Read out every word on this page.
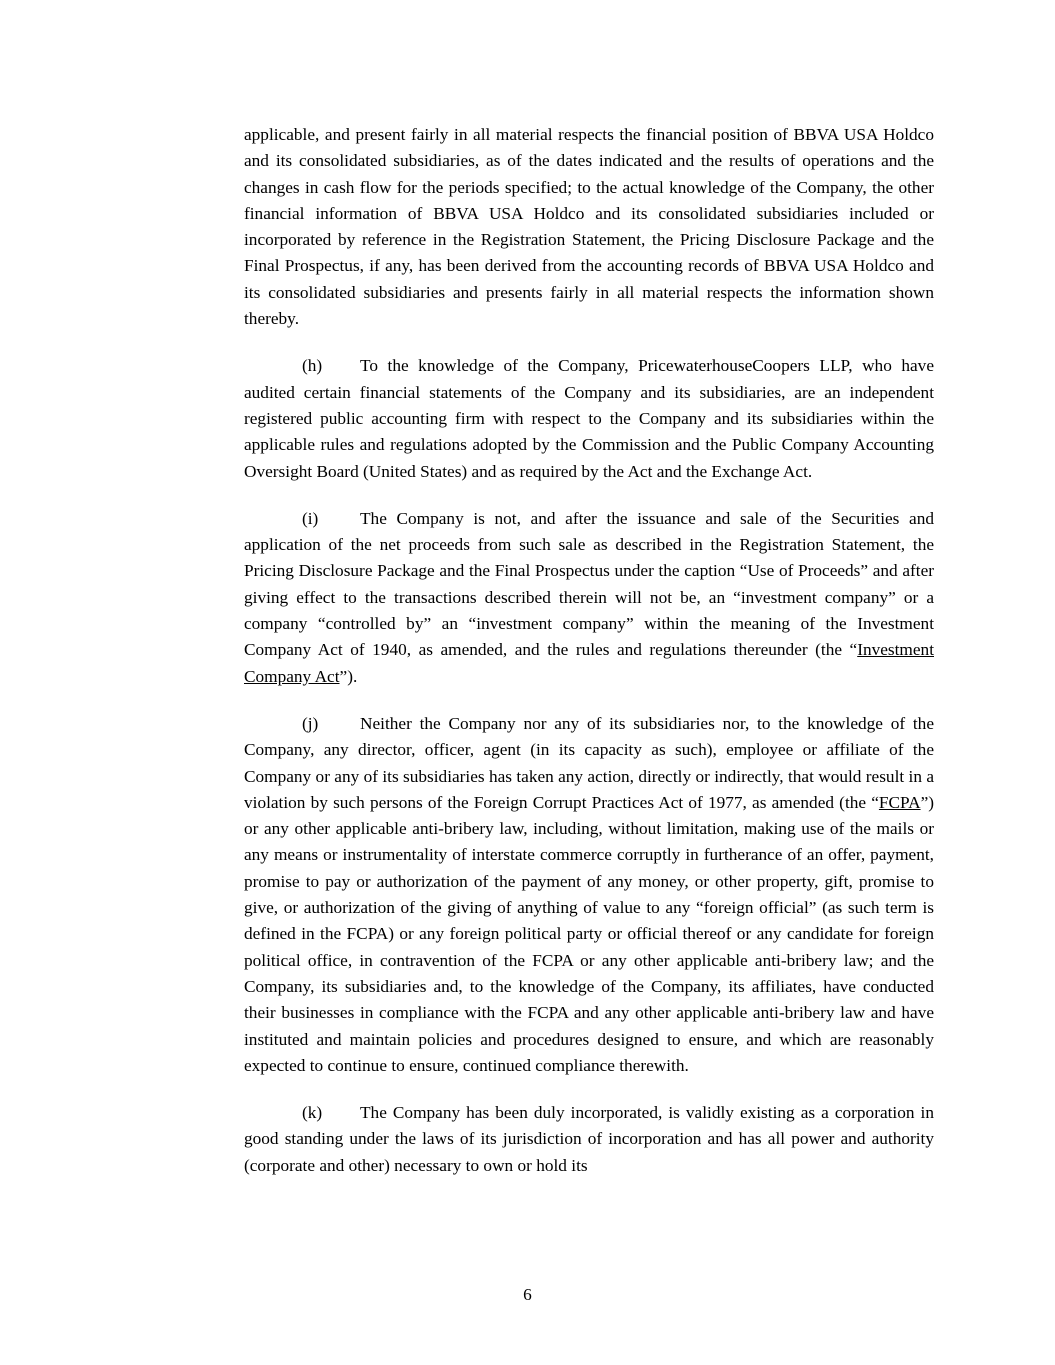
applicable, and present fairly in all material respects the financial position of BBVA USA Holdco and its consolidated subsidiaries, as of the dates indicated and the results of operations and the changes in cash flow for the periods specified; to the actual knowledge of the Company, the other financial information of BBVA USA Holdco and its consolidated subsidiaries included or incorporated by reference in the Registration Statement, the Pricing Disclosure Package and the Final Prospectus, if any, has been derived from the accounting records of BBVA USA Holdco and its consolidated subsidiaries and presents fairly in all material respects the information shown thereby.

(h) To the knowledge of the Company, PricewaterhouseCoopers LLP, who have audited certain financial statements of the Company and its subsidiaries, are an independent registered public accounting firm with respect to the Company and its subsidiaries within the applicable rules and regulations adopted by the Commission and the Public Company Accounting Oversight Board (United States) and as required by the Act and the Exchange Act.

(i) The Company is not, and after the issuance and sale of the Securities and application of the net proceeds from such sale as described in the Registration Statement, the Pricing Disclosure Package and the Final Prospectus under the caption “Use of Proceeds” and after giving effect to the transactions described therein will not be, an “investment company” or a company “controlled by” an “investment company” within the meaning of the Investment Company Act of 1940, as amended, and the rules and regulations thereunder (the “Investment Company Act”).

(j) Neither the Company nor any of its subsidiaries nor, to the knowledge of the Company, any director, officer, agent (in its capacity as such), employee or affiliate of the Company or any of its subsidiaries has taken any action, directly or indirectly, that would result in a violation by such persons of the Foreign Corrupt Practices Act of 1977, as amended (the “FCPA”) or any other applicable anti-bribery law, including, without limitation, making use of the mails or any means or instrumentality of interstate commerce corruptly in furtherance of an offer, payment, promise to pay or authorization of the payment of any money, or other property, gift, promise to give, or authorization of the giving of anything of value to any “foreign official” (as such term is defined in the FCPA) or any foreign political party or official thereof or any candidate for foreign political office, in contravention of the FCPA or any other applicable anti-bribery law; and the Company, its subsidiaries and, to the knowledge of the Company, its affiliates, have conducted their businesses in compliance with the FCPA and any other applicable anti-bribery law and have instituted and maintain policies and procedures designed to ensure, and which are reasonably expected to continue to ensure, continued compliance therewith.

(k) The Company has been duly incorporated, is validly existing as a corporation in good standing under the laws of its jurisdiction of incorporation and has all power and authority (corporate and other) necessary to own or hold its

6
